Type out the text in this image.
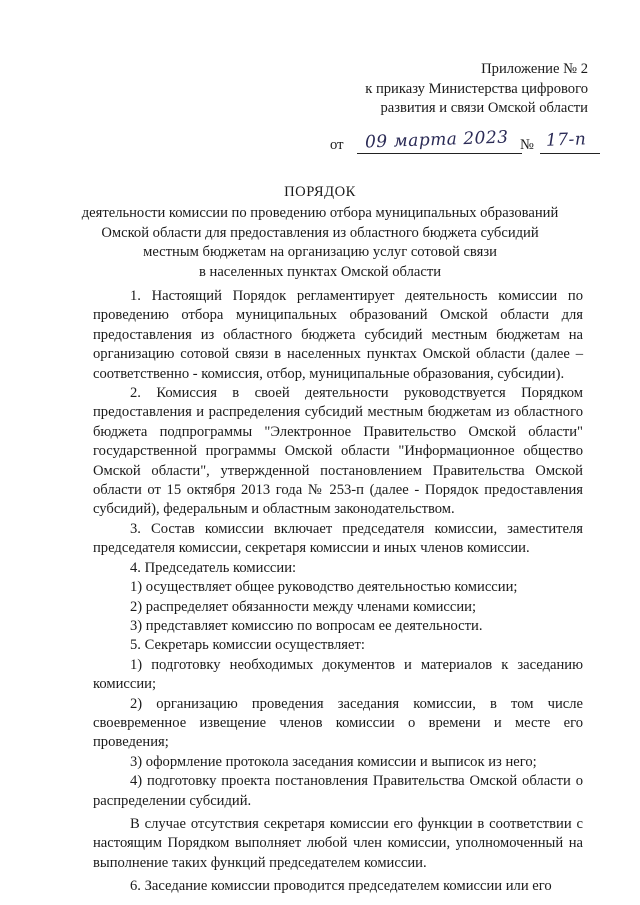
Приложение № 2
к приказу Министерства цифрового
развития и связи Омской области
от 09 марта 2023 № 17-п
ПОРЯДОК
деятельности комиссии по проведению отбора муниципальных образований
Омской области для предоставления из областного бюджета субсидий
местным бюджетам на организацию услуг сотовой связи
в населенных пунктах Омской области

1. Настоящий Порядок регламентирует деятельность комиссии по проведению отбора муниципальных образований Омской области для предоставления из областного бюджета субсидий местным бюджетам на организацию сотовой связи в населенных пунктах Омской области (далее – соответственно - комиссия, отбор, муниципальные образования, субсидии).

2. Комиссия в своей деятельности руководствуется Порядком предоставления и распределения субсидий местным бюджетам из областного бюджета подпрограммы "Электронное Правительство Омской области" государственной программы Омской области "Информационное общество Омской области", утвержденной постановлением Правительства Омской области от 15 октября 2013 года № 253-п (далее - Порядок предоставления субсидий), федеральным и областным законодательством.

3. Состав комиссии включает председателя комиссии, заместителя председателя комиссии, секретаря комиссии и иных членов комиссии.

4. Председатель комиссии:

1) осуществляет общее руководство деятельностью комиссии;

2) распределяет обязанности между членами комиссии;

3) представляет комиссию по вопросам ее деятельности.

5. Секретарь комиссии осуществляет:

1) подготовку необходимых документов и материалов к заседанию комиссии;

2) организацию проведения заседания комиссии, в том числе своевременное извещение членов комиссии о времени и месте его проведения;

3) оформление протокола заседания комиссии и выписок из него;

4) подготовку проекта постановления Правительства Омской области о распределении субсидий.

В случае отсутствия секретаря комиссии его функции в соответствии с настоящим Порядком выполняет любой член комиссии, уполномоченный на выполнение таких функций председателем комиссии.

6. Заседание комиссии проводится председателем комиссии или его
